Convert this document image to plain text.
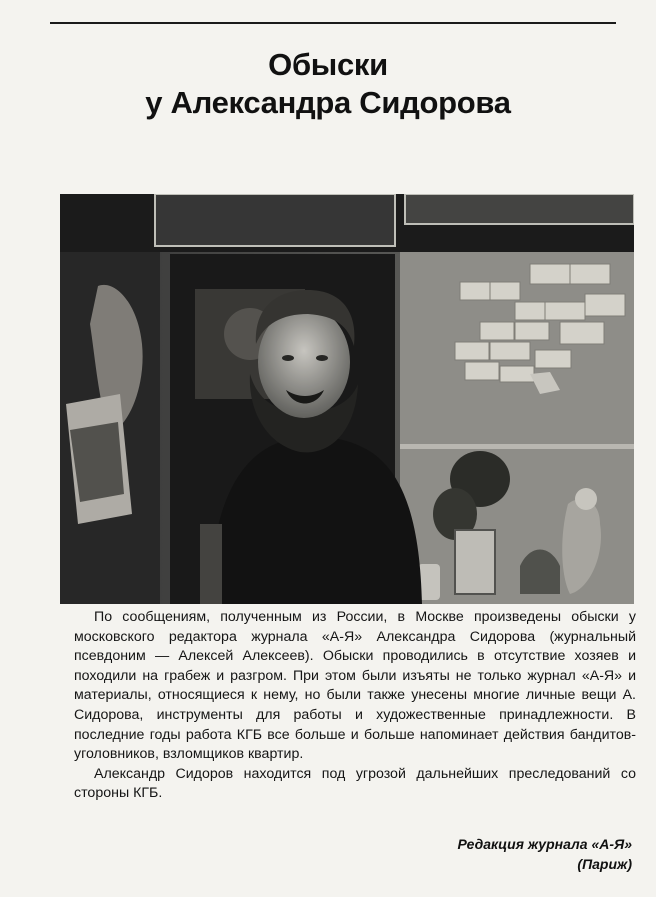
Обыски
у Александра Сидорова

По сообщениям, полученным из России, в Москве произведены обыски у московского редактора журнала «А-Я» Александра Сидорова (журнальный псевдоним — Алексей Алексеев). Обыски проводились в отсутствие хозяев и походили на грабеж и разгром. При этом были изъяты не только журнал «А-Я» и материалы, относящиеся к нему, но были также унесены многие личные вещи А. Сидорова, инструменты для работы и художественные принадлежности. В последние годы работа КГБ все больше и больше напоминает действия бандитов-уголовников, взломщиков квартир.

Александр Сидоров находится под угрозой дальнейших преследований со стороны КГБ.

Редакция журнала «А-Я»
(Париж)
